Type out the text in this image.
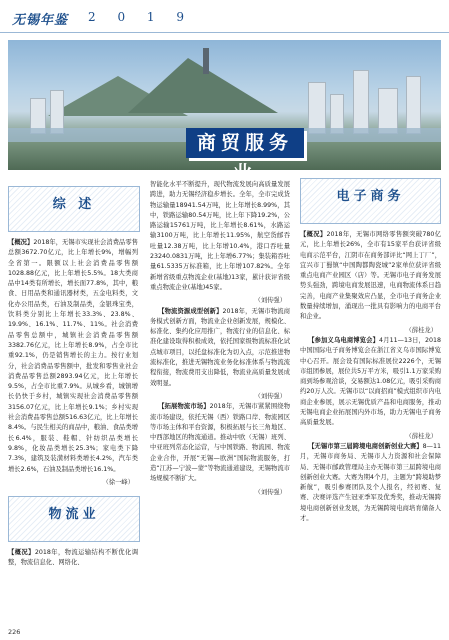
无锡年鉴 2 0 1 9
商贸服务业
综 述

【概况】2018年，无锡市实现社会消费品零售总额3672.70亿元，比上年增长9%，增幅列全省第一。限额以上社会消费品零售额1028.88亿元，比上年增长5.5%。18大类商品中14类有所增长，增长面77.8%，其中，粮食、日用品类和通讯器材类，五金电料类，文化办公用品类，石油及制品类，金银珠宝类，饮料类分别比上年增长33.3%、23.8%、19.9%、16.1%、11.7%、11%。社会消费品零售总额中，城镇社会消费品零售额3382.76亿元，比上年增长8.9%，占全市比重92.1%，仍是销售增长的主力。按行业划分，社会消费品零售额中，批发和零售业社会消费品零售总额2893.94亿元，比上年增长9.5%，占全市比重7.9%。从城乡看，城镇增长仍快于乡村，城镇实现社会消费品零售额3156.07亿元，比上年增长9.1%；乡村实现社会消费品零售总额516.63亿元，比上年增长8.4%。与民生相关的商品中，粮油、食品类增长6.4%，服装、鞋帽、针纺织品类增长9.8%，化妆品类增长25.3%；家电类下降7.3%，建筑及装潢材料类增长4.2%，汽车类增长2.6%，石油及制品类增长16.1%。

（徐一峰）
物流业

【概况】2018年，物流运输结构不断优化调整，物流信息化、网络化、

智能化水平不断提升，现代物流发展向高质量发展跨进，助力无锡经济稳步增长。全年，全市完成货物运输量18941.54万吨，比上年增长8.99%，其中，铁路运输80.54万吨，比上年下降19.2%，公路运输15761万吨，比上年增长8.61%，水路运输3100万吨，比上年增长11.95%，航空货邮吞吐量12.38万吨，比上年增10.4%，港口吞吐量23240.0831万吨，比上年增6.77%；集装箱吞吐量61.5335万标准箱，比上年增107.82%。全年新增省级重点物流企业(基地)13家，累计获评省级重点物流企业(基地)45家。

（刘传强）

【物流资源成型创新】2018年，无锡市物流商务模式创新方面，物流业企业创新发展，规模化、标准化、集约化应用推广，物流行业的信息化、标准化建设取得积极成效，依托国家级物流标准化试点城市项目，以托盘标准化为切入点，示范推进物流标准化，推进无锡物流业务化标准体系与物流流程衔接，物流费用支出降低，物流业高质量发展成效明显。

（刘传强）

【拓展物流市场】2018年，无锡市紧紧围绕物流市场建设，依托无锡（西）铁路口岸、物流园区等市场主体和平台资源，积极拓展与长三角地区、中西部地区的物流通道。推动中欧（无锡）班列、中亚班列常态化运营，与中国铁路、物流园、物流企业合作，开展“无锡—欧洲”国际物流服务，打造“江苏—宁波—蒙”等物流通道建设，无锡物流市场规模不断扩大。

（刘传强）
电子商务

【概况】2018年，无锡市网络零售额突破780亿元，比上年增长26%，全市有15家平台获评省级电商示范平台，江阴市在商务部评比“网上丁厂”，宜兴市丁蜀镇“中国陶都陶瓷城”2家单位获评省级重点电商产业园区（店）等。无锡市电子商务发展势头强劲，跨境电商发展迅速，电商物流体系日趋完善，电商产业集聚效应凸显，全市电子商务企业数量持续增加，涌现出一批具有影响力的电商平台和企业。

（薛桂龙）

【参加义乌电商博览会】4月11—13日，2018中国国际电子商务博览会在浙江省义乌市国际博览中心召开。展会设有国际标准展位2226个，无锡市组团参展，展位共5万平方米，吸引1.1万家采购商到场参观洽谈，交易额达1.08亿元，吸引采购商约20万人次。无锡市以“以商招商”模式组织市内电商企业参展，展示无锡优质产品和电商服务，推动无锡电商企业拓展国内外市场，助力无锡电子商务高质量发展。

（薛桂龙）

【无锡市第三届跨境电商创新创业大赛】8—11月，无锡市商务局、无锡市人力资源和社会保障局、无锡市邮政管理局主办无锡市第三届跨境电商创新创业大赛。大赛为期4个月，主题为“跨境助梦新航”，吸引参赛团队及个人报名，经初赛、复赛、决赛评选产生冠亚季军及优秀奖，推动无锡跨境电商创新创业发展，为无锡跨境电商培育储备人才。

226
